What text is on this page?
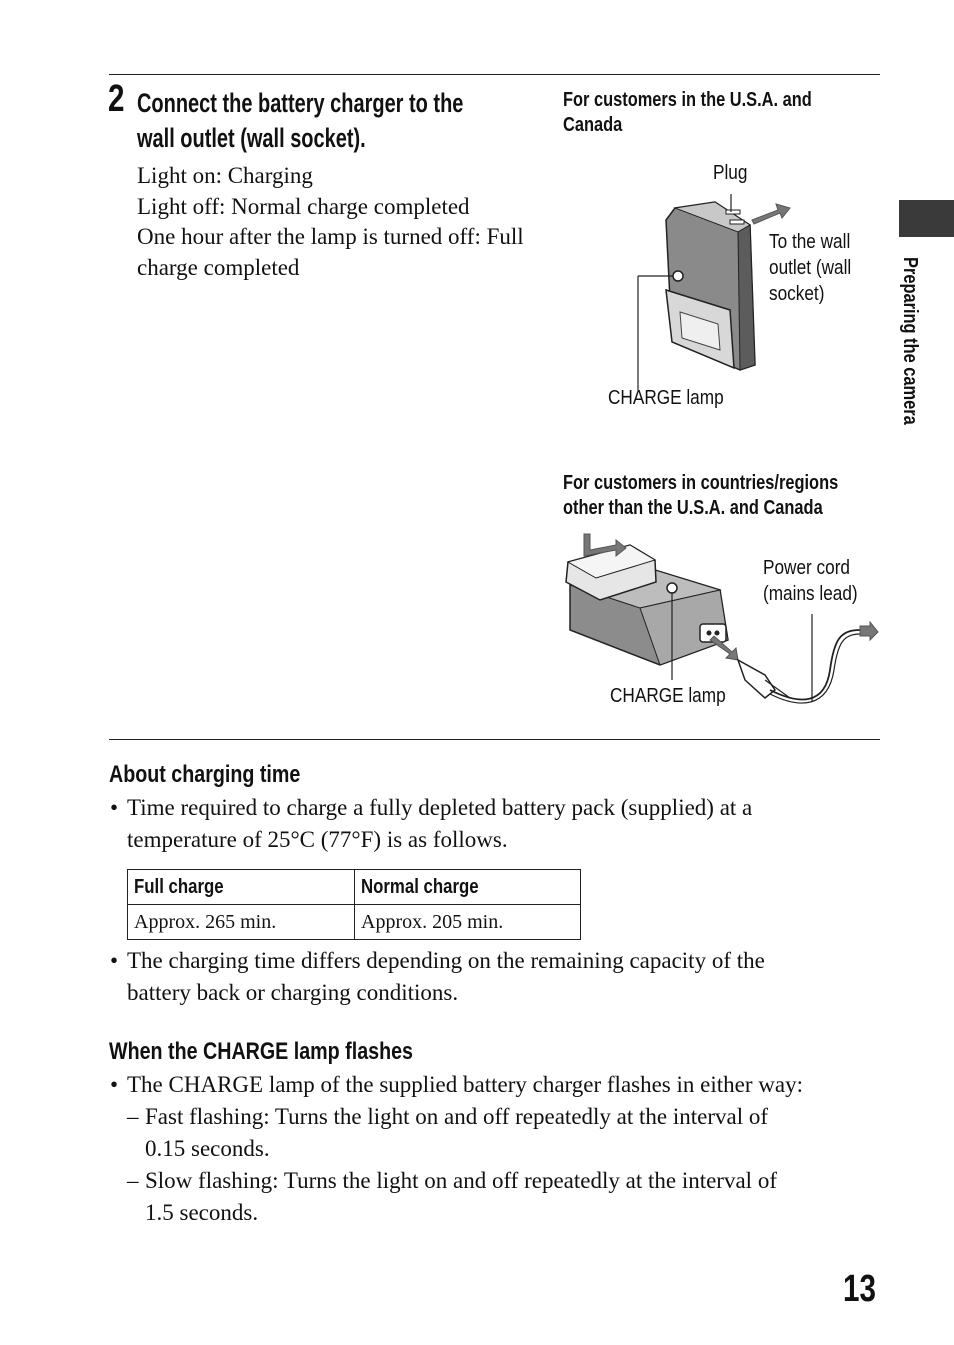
2 Connect the battery charger to the
wall outlet (wall socket).
Light on: Charging
Light off: Normal charge completed
One hour after the lamp is turned off: Full
charge completed
For customers in the U.S.A. and
Canada
Plug
To the wall
outlet (wall
socket)
CHARGE lamp
For customers in countries/regions
other than the U.S.A. and Canada
Power cord
(mains lead)
CHARGE lamp
Preparing the camera
About charging time
• Time required to charge a fully depleted battery pack (supplied) at a
temperature of 25°C (77°F) is as follows.
Full charge	Normal charge
Approx. 265 min.	Approx. 205 min.
• The charging time differs depending on the remaining capacity of the
battery back or charging conditions.
When the CHARGE lamp flashes
• The CHARGE lamp of the supplied battery charger flashes in either way:
– Fast flashing: Turns the light on and off repeatedly at the interval of
0.15 seconds.
– Slow flashing: Turns the light on and off repeatedly at the interval of
1.5 seconds.
13
